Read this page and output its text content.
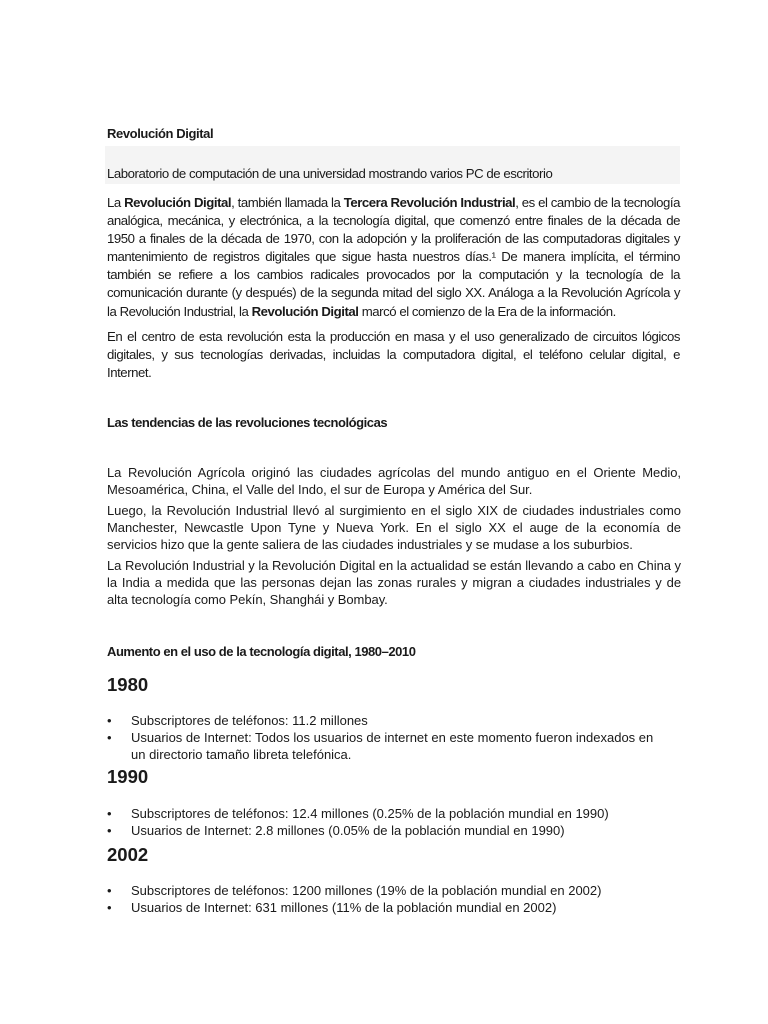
Revolución Digital
Laboratorio de computación de una universidad mostrando varios PC de escritorio
La Revolución Digital, también llamada la Tercera Revolución Industrial, es el cambio de la tecnología analógica, mecánica, y electrónica, a la tecnología digital, que comenzó entre finales de la década de 1950 a finales de la década de 1970, con la adopción y la proliferación de las computadoras digitales y mantenimiento de registros digitales que sigue hasta nuestros días.¹ De manera implícita, el término también se refiere a los cambios radicales provocados por la computación y la tecnología de la comunicación durante (y después) de la segunda mitad del siglo XX. Análoga a la Revolución Agrícola y la Revolución Industrial, la Revolución Digital marcó el comienzo de la Era de la información.
En el centro de esta revolución esta la producción en masa y el uso generalizado de circuitos lógicos digitales, y sus tecnologías derivadas, incluidas la computadora digital, el teléfono celular digital, e Internet.
Las tendencias de las revoluciones tecnológicas
La Revolución Agrícola originó las ciudades agrícolas del mundo antiguo en el Oriente Medio, Mesoamérica, China, el Valle del Indo, el sur de Europa y América del Sur.
Luego, la Revolución Industrial llevó al surgimiento en el siglo XIX de ciudades industriales como Manchester, Newcastle Upon Tyne y Nueva York. En el siglo XX el auge de la economía de servicios hizo que la gente saliera de las ciudades industriales y se mudase a los suburbios.
La Revolución Industrial y la Revolución Digital en la actualidad se están llevando a cabo en China y la India a medida que las personas dejan las zonas rurales y migran a ciudades industriales y de alta tecnología como Pekín, Shanghái y Bombay.
Aumento en el uso de la tecnología digital, 1980–2010
1980
• Subscriptores de teléfonos: 11.2 millones
• Usuarios de Internet: Todos los usuarios de internet en este momento fueron indexados en un directorio tamaño libreta telefónica.
1990
• Subscriptores de teléfonos: 12.4 millones (0.25% de la población mundial en 1990)
• Usuarios de Internet: 2.8 millones (0.05% de la población mundial en 1990)
2002
• Subscriptores de teléfonos: 1200 millones (19% de la población mundial en 2002)
• Usuarios de Internet: 631 millones (11% de la población mundial en 2002)
